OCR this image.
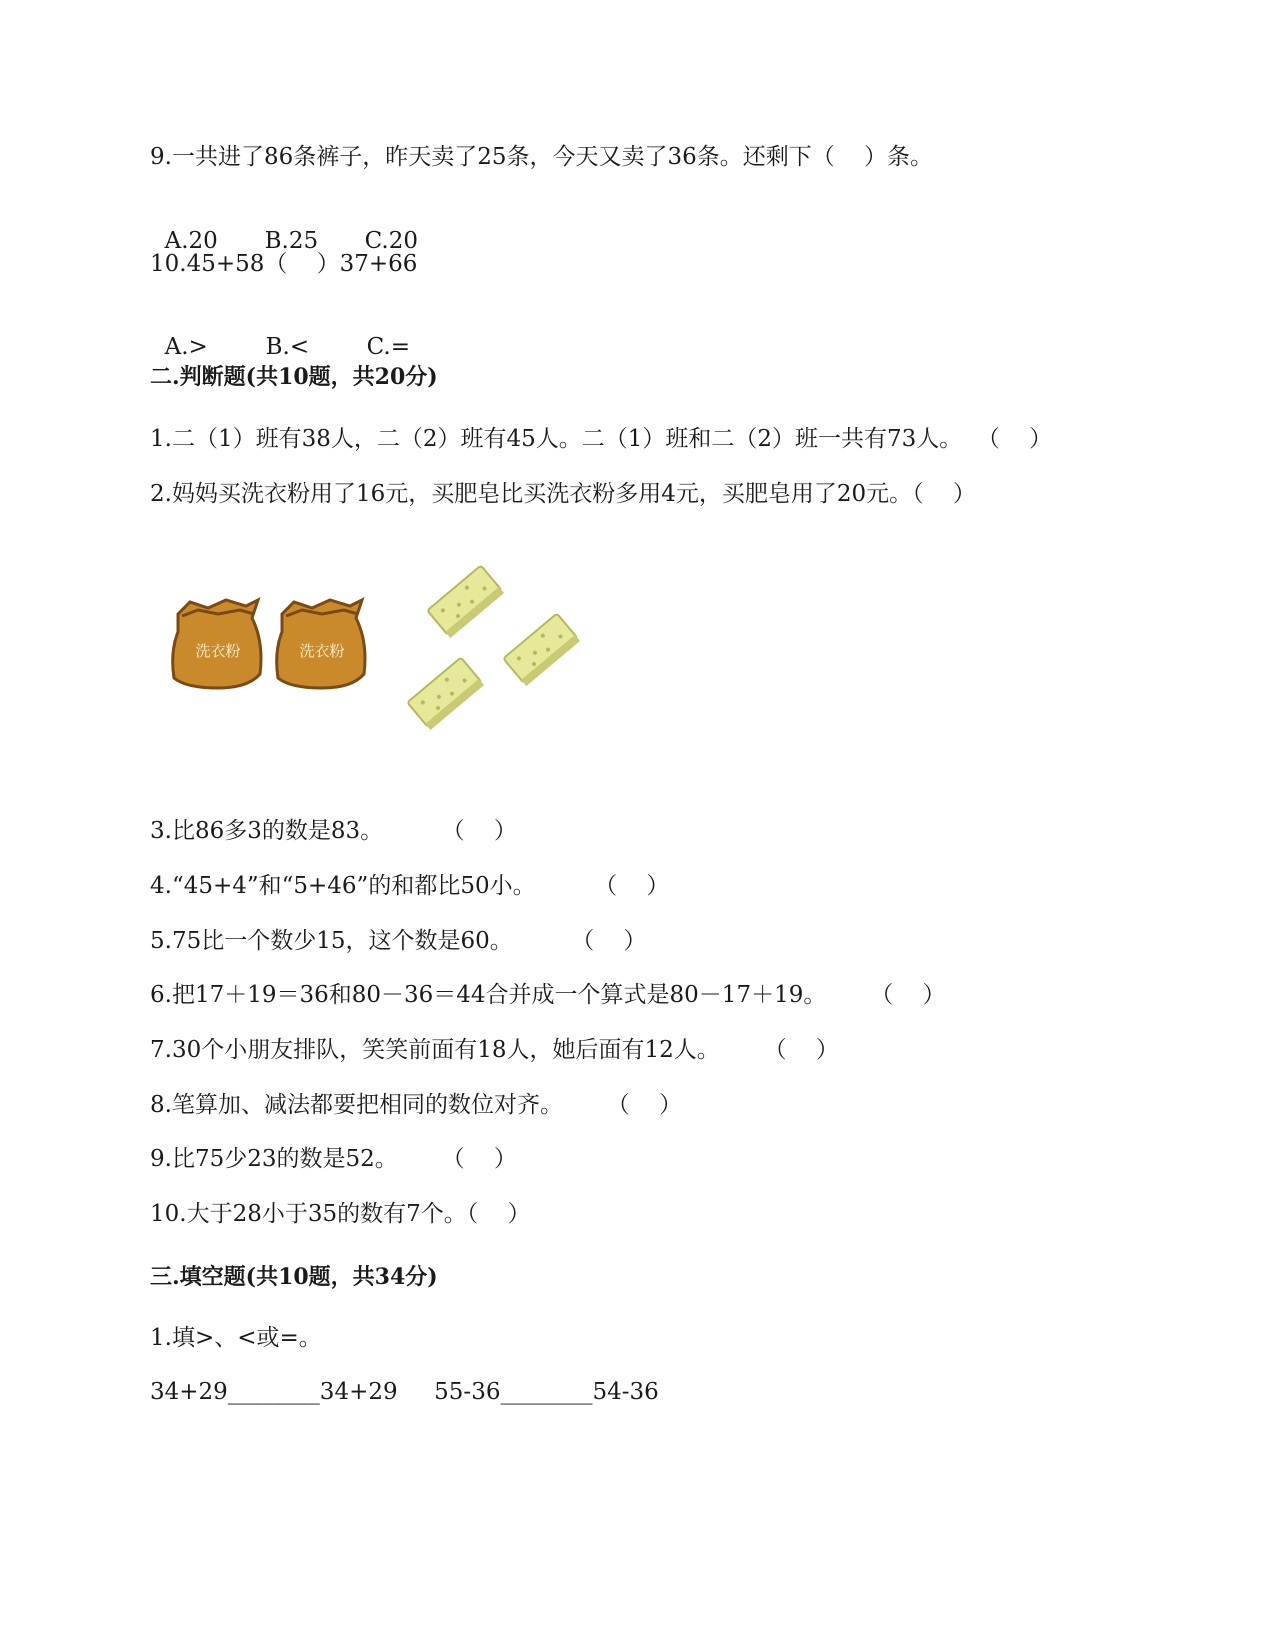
9.一共进了86条裤子，昨天卖了25条，今天又卖了36条。还剩下（    ）条。

A.20 B.25 C.20

10.45+58（    ）37+66

A.>	B.<	C.=

二.判断题(共10题，共20分)
1.二（1）班有38人，二（2）班有45人。二（1）班和二（2）班一共有73人。  （    ）
2.妈妈买洗衣粉用了16元，买肥皂比买洗衣粉多用4元，买肥皂用了20元。（    ）
洗衣粉	洗衣粉
3.比86多3的数是83。        （    ）
4.“45+4”和“5+46”的和都比50小。        （    ）
5.75比一个数少15，这个数是60。        （    ）
6.把17＋19＝36和80－36＝44合并成一个算式是80－17＋19。      （    ）
7.30个小朋友排队，笑笑前面有18人，她后面有12人。      （    ）
8.笔算加、减法都要把相同的数位对齐。      （    ）
9.比75少23的数是52。      （    ）
10.大于28小于35的数有7个。（    ）
三.填空题(共10题，共34分)
1.填>、<或=。
34+29________34+29     55-36________54-36
